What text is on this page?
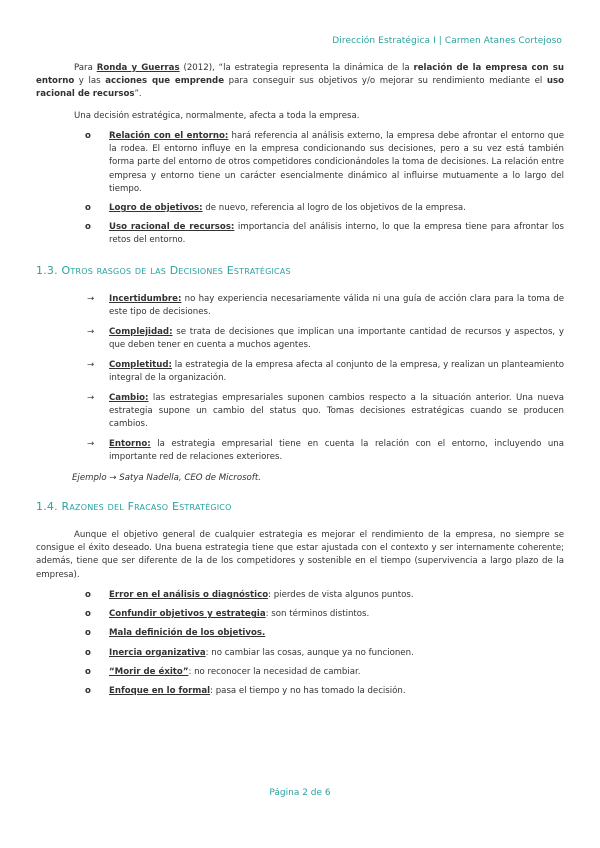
Dirección Estratégica I | Carmen Atanes Cortejoso
Para Ronda y Guerras (2012), “la estrategia representa la dinámica de la relación de la empresa con su entorno y las acciones que emprende para conseguir sus objetivos y/o mejorar su rendimiento mediante el uso racional de recursos”.
Una decisión estratégica, normalmente, afecta a toda la empresa.
o Relación con el entorno: hará referencia al análisis externo, la empresa debe afrontar el entorno que la rodea. El entorno influye en la empresa condicionando sus decisiones, pero a su vez está también forma parte del entorno de otros competidores condicionándoles la toma de decisiones. La relación entre empresa y entorno tiene un carácter esencialmente dinámico al influirse mutuamente a lo largo del tiempo.
o Logro de objetivos: de nuevo, referencia al logro de los objetivos de la empresa.
o Uso racional de recursos: importancia del análisis interno, lo que la empresa tiene para afrontar los retos del entorno.
1.3. Otros rasgos de las Decisiones Estratégicas
→ Incertidumbre: no hay experiencia necesariamente válida ni una guía de acción clara para la toma de este tipo de decisiones.
→ Complejidad: se trata de decisiones que implican una importante cantidad de recursos y aspectos, y que deben tener en cuenta a muchos agentes.
→ Completitud: la estrategia de la empresa afecta al conjunto de la empresa, y realizan un planteamiento integral de la organización.
→ Cambio: las estrategias empresariales suponen cambios respecto a la situación anterior. Una nueva estrategia supone un cambio del status quo. Tomas decisiones estratégicas cuando se producen cambios.
→ Entorno: la estrategia empresarial tiene en cuenta la relación con el entorno, incluyendo una importante red de relaciones exteriores.
Ejemplo → Satya Nadella, CEO de Microsoft.
1.4. Razones del Fracaso Estratégico
Aunque el objetivo general de cualquier estrategia es mejorar el rendimiento de la empresa, no siempre se consigue el éxito deseado. Una buena estrategia tiene que estar ajustada con el contexto y ser internamente coherente; además, tiene que ser diferente de la de los competidores y sostenible en el tiempo (supervivencia a largo plazo de la empresa).
o Error en el análisis o diagnóstico: pierdes de vista algunos puntos.
o Confundir objetivos y estrategia: son términos distintos.
o Mala definición de los objetivos.
o Inercia organizativa: no cambiar las cosas, aunque ya no funcionen.
o “Morir de éxito”: no reconocer la necesidad de cambiar.
o Enfoque en lo formal: pasa el tiempo y no has tomado la decisión.
Página 2 de 6
